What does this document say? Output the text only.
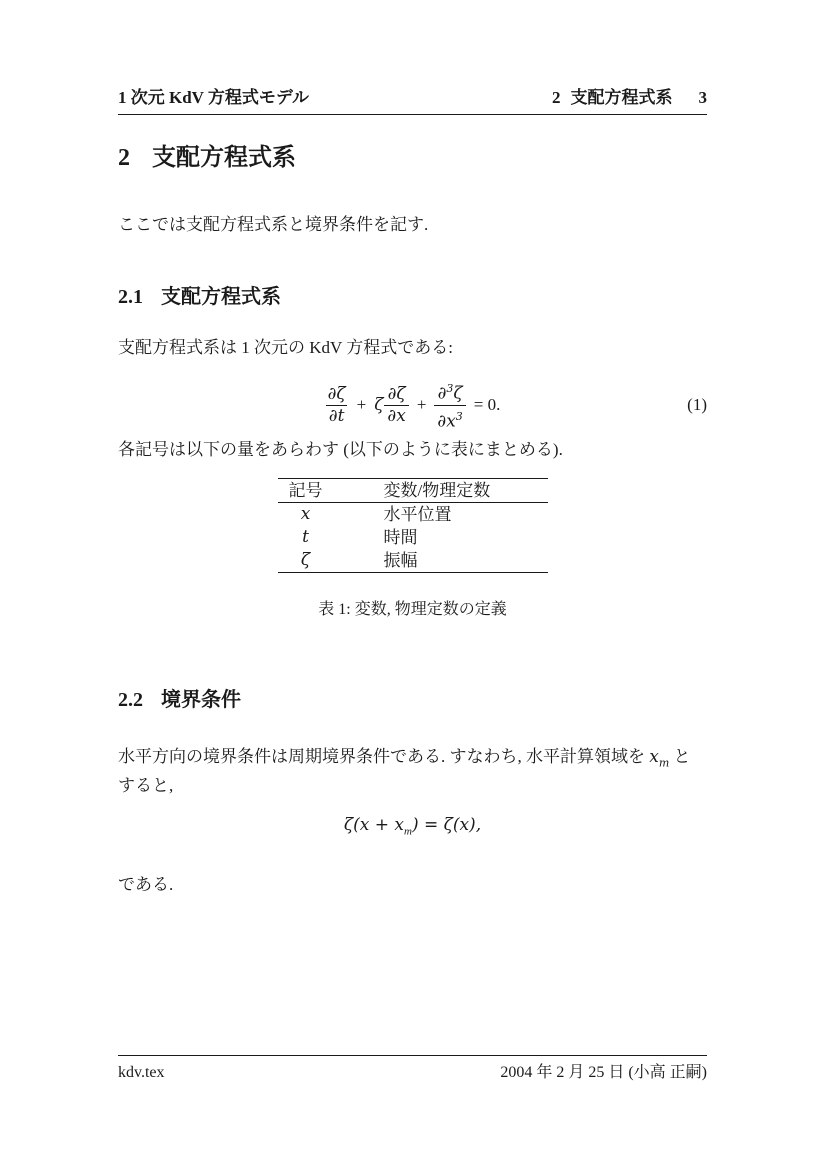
1 次元 KdV 方程式モデル	2 支配方程式系 3
2 支配方程式系

ここでは支配方程式系と境界条件を記す.

2.1 支配方程式系

支配方程式系は 1 次元の KdV 方程式である:

$\frac{\partial\zeta}{\partial t} + \zeta \frac{\partial\zeta}{\partial x} + \frac{\partial^3\zeta}{\partial x^3} = 0$.	(1)

各記号は以下の量をあらわす (以下のように表にまとめる).

記号	変数/物理定数
x	水平位置
t	時間
ζ	振幅
表 1: 変数, 物理定数の定義
2.2 境界条件

水平方向の境界条件は周期境界条件である. すなわち, 水平計算領域を $x_m$ とすると,

$\zeta(x + x_m) = \zeta(x)$,

である.

kdv.tex	2004 年 2 月 25 日 (小高 正嗣)
